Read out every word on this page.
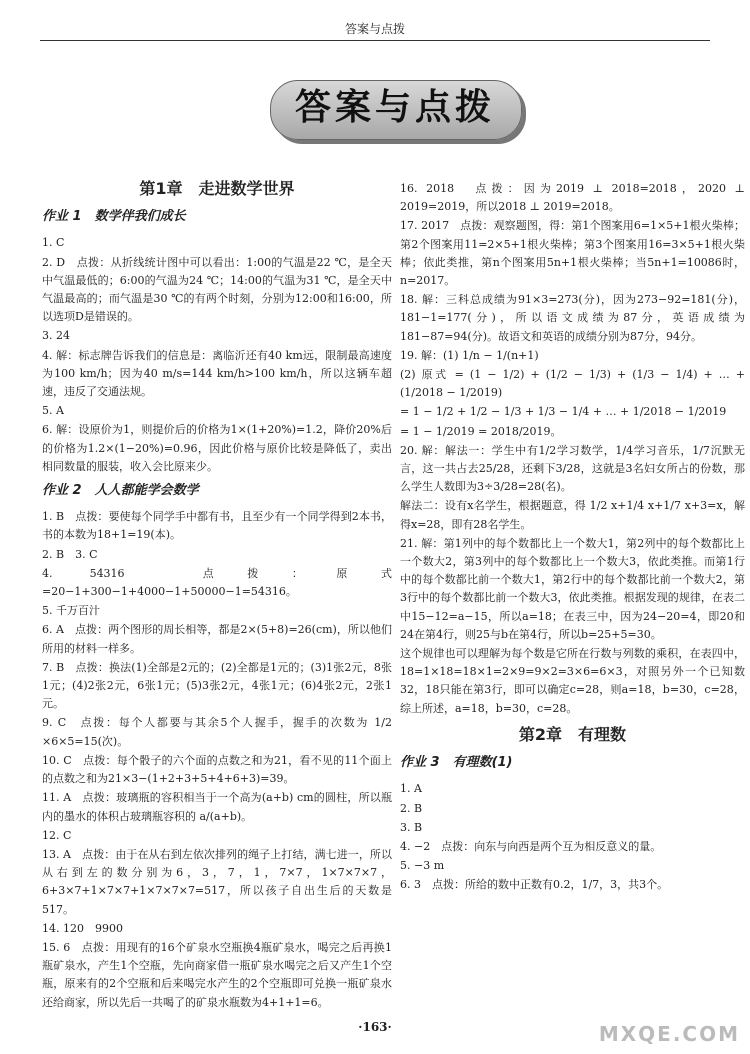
答案与点拨
答案与点拨
第1章　走进数学世界
作业 1　数学伴我们成长

1. C

2. D　点拨：从折线统计图中可以看出：1:00的气温是22 ℃，是全天中气温最低的；6:00的气温为24 ℃；14:00的气温为31 ℃，是全天中气温最高的；而气温是30 ℃的有两个时刻，分别为12:00和16:00，所以选项D是错误的。

3. 24

4. 解：标志牌告诉我们的信息是：离临沂还有40 km远，限制最高速度为100 km/h；因为40 m/s=144 km/h>100 km/h，所以这辆车超速，违反了交通法规。

5. A

6. 解：设原价为1，则提价后的价格为1×(1+20%)=1.2，降价20%后的价格为1.2×(1−20%)=0.96，因此价格与原价比较是降低了，卖出相同数量的服装，收入会比原来少。

作业 2　人人都能学会数学

1. B　点拨：要使每个同学手中都有书，且至少有一个同学得到2本书，书的本数为18+1=19(本)。

2. B　3. C

4. 54316　点拨：原式=20−1+300−1+4000−1+50000−1=54316。

5. 千万百汁

6. A　点拨：两个图形的周长相等，都是2×(5+8)=26(cm)，所以他们所用的材料一样多。

7. B　点拨：换法(1)全部是2元的；(2)全都是1元的；(3)1张2元，8张1元；(4)2张2元，6张1元；(5)3张2元，4张1元；(6)4张2元，2张1元。

9. C　点拨：每个人都要与其余5个人握手，握手的次数为 1/2 ×6×5=15(次)。

10. C　点拨：每个骰子的六个面的点数之和为21，看不见的11个面上的点数之和为21×3−(1+2+3+5+4+6+3)=39。

11. A　点拨：玻璃瓶的容积相当于一个高为(a+b) cm的圆柱，所以瓶内的墨水的体积占玻璃瓶容积的 a/(a+b)。

12. C

13. A　点拨：由于在从右到左依次排列的绳子上打结，满七进一，所以从右到左的数分别为6，3，7，1，7×7，1×7×7×7，6+3×7+1×7×7+1×7×7×7=517，所以孩子自出生后的天数是517。

14. 120　9900

15. 6　点拨：用现有的16个矿泉水空瓶换4瓶矿泉水，喝完之后再换1瓶矿泉水，产生1个空瓶，先向商家借一瓶矿泉水喝完之后又产生1个空瓶，原来有的2个空瓶和后来喝完水产生的2个空瓶即可兑换一瓶矿泉水还给商家，所以先后一共喝了的矿泉水瓶数为4+1+1=6。

16. 2018　点拨：因为2019 ⊥ 2018=2018，2020 ⊥ 2019=2019，所以2018 ⊥ 2019=2018。

17. 2017　点拨：观察题图，得：第1个图案用6=1×5+1根火柴棒；第2个图案用11=2×5+1根火柴棒；第3个图案用16=3×5+1根火柴棒；依此类推，第n个图案用5n+1根火柴棒；当5n+1=10086时，n=2017。

18. 解：三科总成绩为91×3=273(分)，因为273−92=181(分)，181−1=177(分)，所以语文成绩为87分，英语成绩为181−87=94(分)。故语文和英语的成绩分别为87分，94分。

19. 解：(1) 1/n − 1/(n+1)

(2) 原式 = (1 − 1/2) + (1/2 − 1/3) + (1/3 − 1/4) + … + (1/2018 − 1/2019)

= 1 − 1/2 + 1/2 − 1/3 + 1/3 − 1/4 + … + 1/2018 − 1/2019

= 1 − 1/2019 = 2018/2019。

20. 解：解法一：学生中有1/2学习数学，1/4学习音乐，1/7沉默无言，这一共占去25/28，还剩下3/28，这就是3名妇女所占的份数，那么学生人数即为3÷3/28=28(名)。

解法二：设有x名学生，根据题意，得 1/2 x+1/4 x+1/7 x+3=x，解得x=28，即有28名学生。

21. 解：第1列中的每个数都比上一个数大1，第2列中的每个数都比上一个数大2，第3列中的每个数都比上一个数大3，依此类推。而第1行中的每个数都比前一个数大1，第2行中的每个数都比前一个数大2，第3行中的每个数都比前一个数大3，依此类推。根据发现的规律，在表二中15−12=a−15，所以a=18；在表三中，因为24−20=4，即20和24在第4行，则25与b在第4行，所以b=25+5=30。

这个规律也可以理解为每个数是它所在行数与列数的乘积，在表四中，18=1×18=18×1=2×9=9×2=3×6=6×3，对照另外一个已知数32，18只能在第3行，即可以确定c=28，则a=18，b=30，c=28，综上所述，a=18，b=30，c=28。

第2章　有理数
作业 3　有理数(1)

1. A

2. B

3. B

4. −2　点拨：向东与向西是两个互为相反意义的量。

5. −3 m

6. 3　点拨：所给的数中正数有0.2，1/7，3，共3个。

·163·	MXQE.COM
